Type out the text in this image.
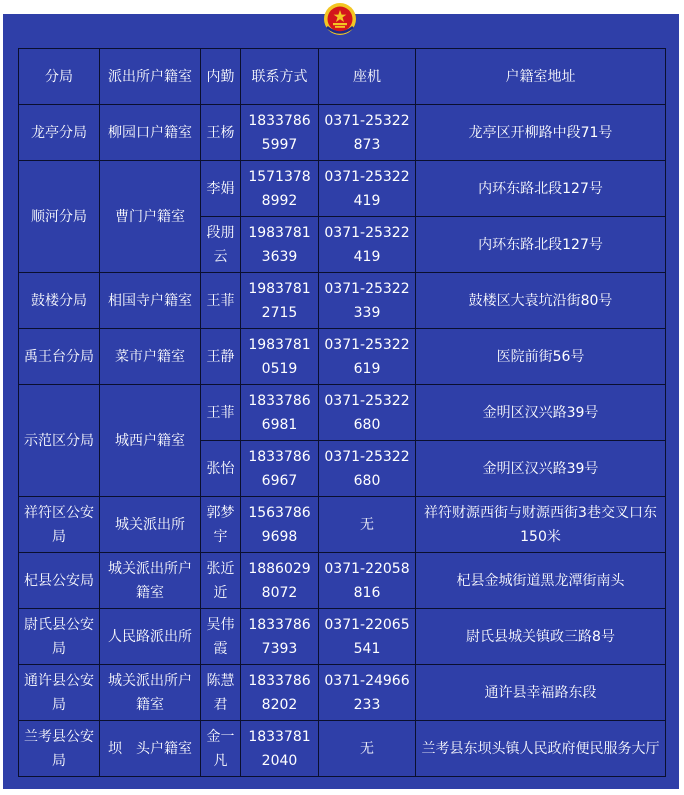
分局	派出所户籍室	内勤	联系方式	座机	户籍室地址
龙亭分局	柳园口户籍室	王杨	18337865997	0371-25322873	龙亭区开柳路中段71号
顺河分局	曹门户籍室	李娟	15713788992	0371-25322419	内环东路北段127号
		段朋云	19837813639	0371-25322419	内环东路北段127号
鼓楼分局	相国寺户籍室	王菲	19837812715	0371-25322339	鼓楼区大袁坑沿街80号
禹王台分局	菜市户籍室	王静	19837810519	0371-25322619	医院前街56号
示范区分局	城西户籍室	王菲	18337866981	0371-25322680	金明区汉兴路39号
		张怡	18337866967	0371-25322680	金明区汉兴路39号
祥符区公安局	城关派出所	郭梦宇	15637869698	无	祥符财源西街与财源西街3巷交叉口东150米
杞县公安局	城关派出所户籍室	张近近	18860298072	0371-22058816	杞县金城街道黑龙潭街南头
尉氏县公安局	人民路派出所	吴伟霞	18337867393	0371-22065541	尉氏县城关镇政三路8号
通许县公安局	城关派出所户籍室	陈慧君	18337868202	0371-24966233	通许县幸福路东段
兰考县公安局	坝　头户籍室	金一凡	18337812040	无	兰考县东坝头镇人民政府便民服务大厅
